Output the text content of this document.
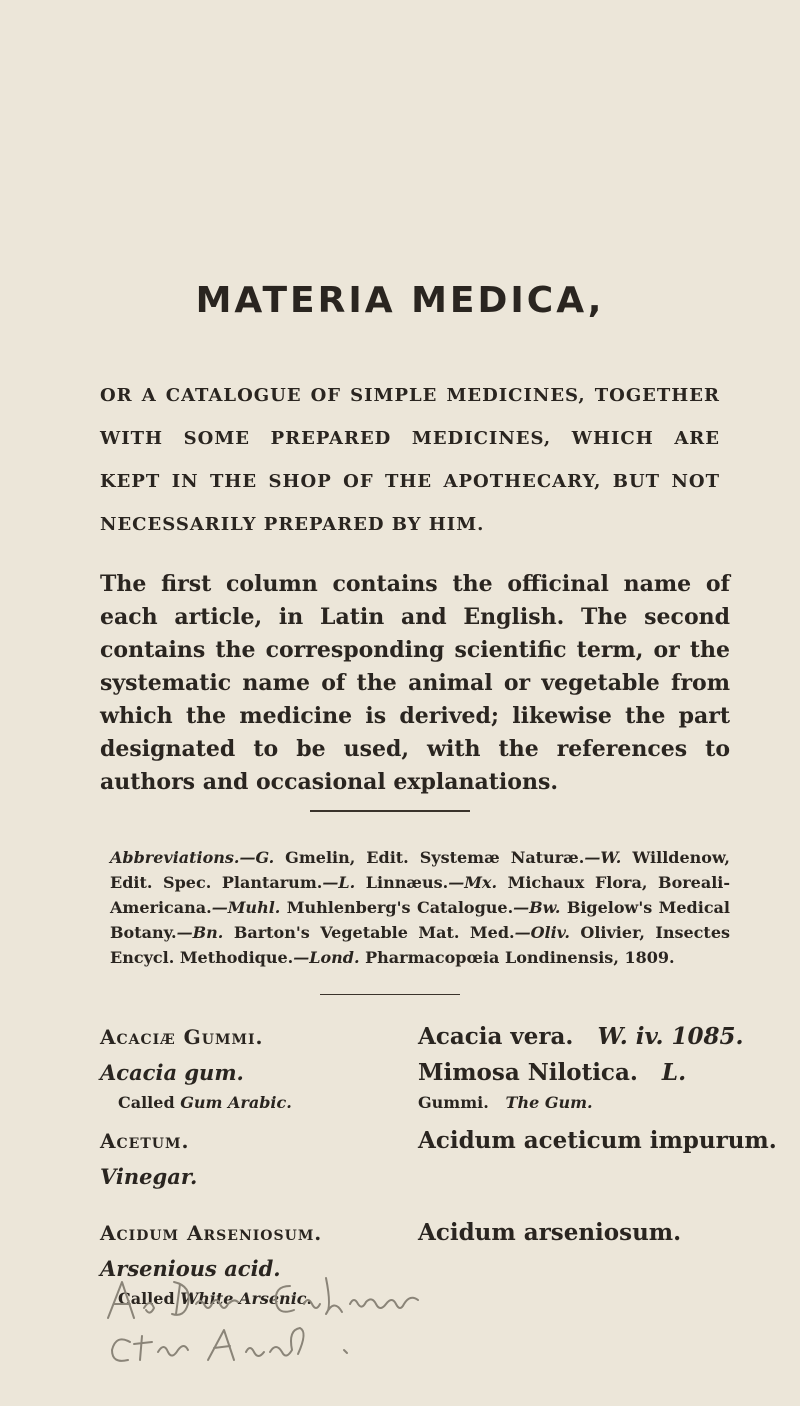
MATERIA MEDICA,
OR A CATALOGUE OF SIMPLE MEDICINES, TOGETHER WITH SOME PREPARED MEDICINES, WHICH ARE KEPT IN THE SHOP OF THE APOTHECARY, BUT NOT NECESSARILY PREPARED BY HIM.
The first column contains the officinal name of each article, in Latin and English. The second contains the corresponding scientific term, or the systematic name of the animal or vegetable from which the medicine is derived; likewise the part designated to be used, with the references to authors and occasional explanations.
Abbreviations.—G. Gmelin, Edit. Systemæ Naturæ.—W. Willdenow, Edit. Spec. Plantarum.—L. Linnæus.—Mx. Michaux Flora, Boreali-Americana.—Muhl. Muhlenberg's Catalogue.—Bw. Bigelow's Medical Botany.—Bn. Barton's Vegetable Mat. Med.—Oliv. Olivier, Insectes Encycl. Methodique.—Lond. Pharmacopœia Londinensis, 1809.
Acaciæ Gummi.
Acacia gum.
Called Gum Arabic.
Acacia vera. W. iv. 1085.
Mimosa Nilotica. L.
Gummi. The Gum.
Acetum.
Vinegar.
Acidum aceticum impurum.
Acidum Arseniosum.
Arsenious acid.
Called White Arsenic.
Acidum arseniosum.
